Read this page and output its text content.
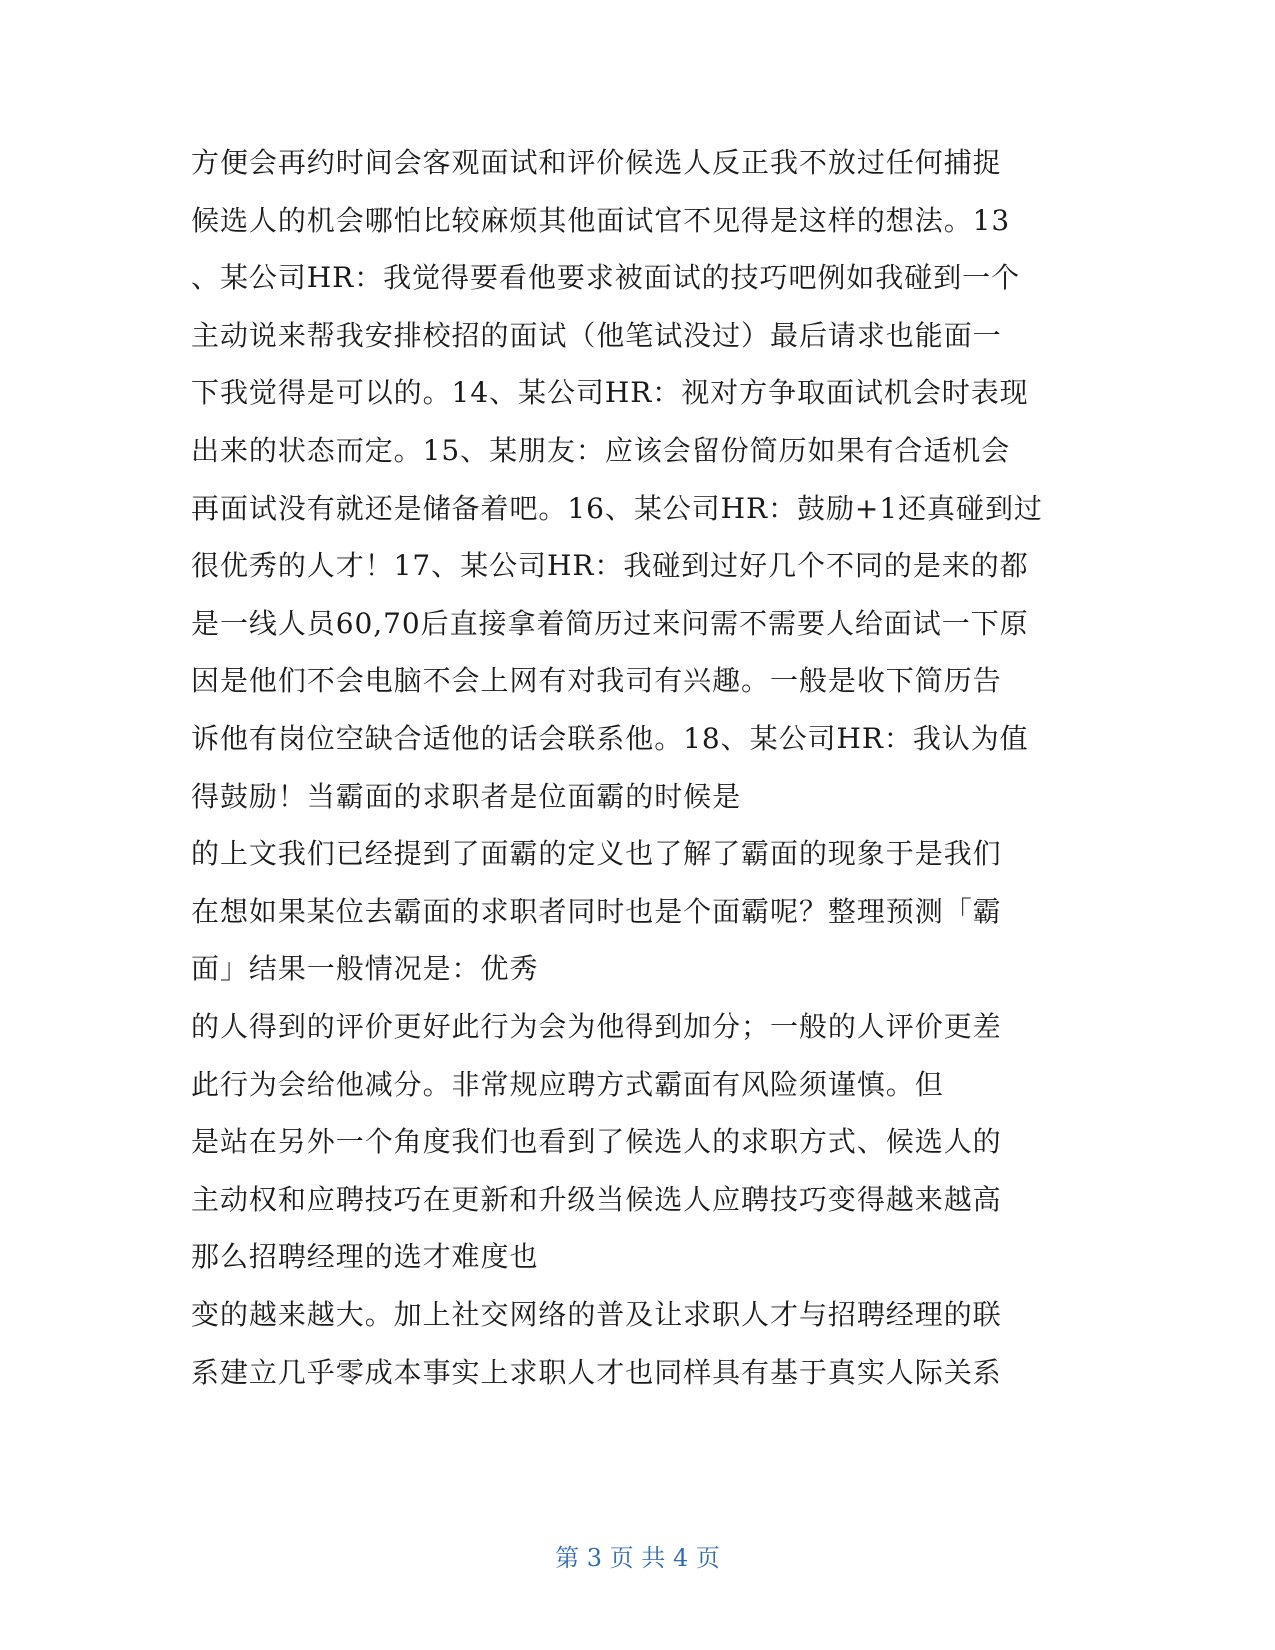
方便会再约时间会客观面试和评价候选人反正我不放过任何捕捉
候选人的机会哪怕比较麻烦其他面试官不见得是这样的想法。13
、某公司HR：我觉得要看他要求被面试的技巧吧例如我碰到一个
主动说来帮我安排校招的面试（他笔试没过）最后请求也能面一
下我觉得是可以的。14、某公司HR：视对方争取面试机会时表现
出来的状态而定。15、某朋友：应该会留份简历如果有合适机会
再面试没有就还是储备着吧。16、某公司HR：鼓励+1还真碰到过
很优秀的人才！17、某公司HR：我碰到过好几个不同的是来的都
是一线人员60,70后直接拿着简历过来问需不需要人给面试一下原
因是他们不会电脑不会上网有对我司有兴趣。一般是收下简历告
诉他有岗位空缺合适他的话会联系他。18、某公司HR：我认为值
得鼓励！当霸面的求职者是位面霸的时候是
的上文我们已经提到了面霸的定义也了解了霸面的现象于是我们
在想如果某位去霸面的求职者同时也是个面霸呢？整理预测「霸
面」结果一般情况是：优秀
的人得到的评价更好此行为会为他得到加分；一般的人评价更差
此行为会给他减分。非常规应聘方式霸面有风险须谨慎。但
是站在另外一个角度我们也看到了候选人的求职方式、候选人的
主动权和应聘技巧在更新和升级当候选人应聘技巧变得越来越高
那么招聘经理的选才难度也
变的越来越大。加上社交网络的普及让求职人才与招聘经理的联
系建立几乎零成本事实上求职人才也同样具有基于真实人际关系
第 3 页 共 4 页
